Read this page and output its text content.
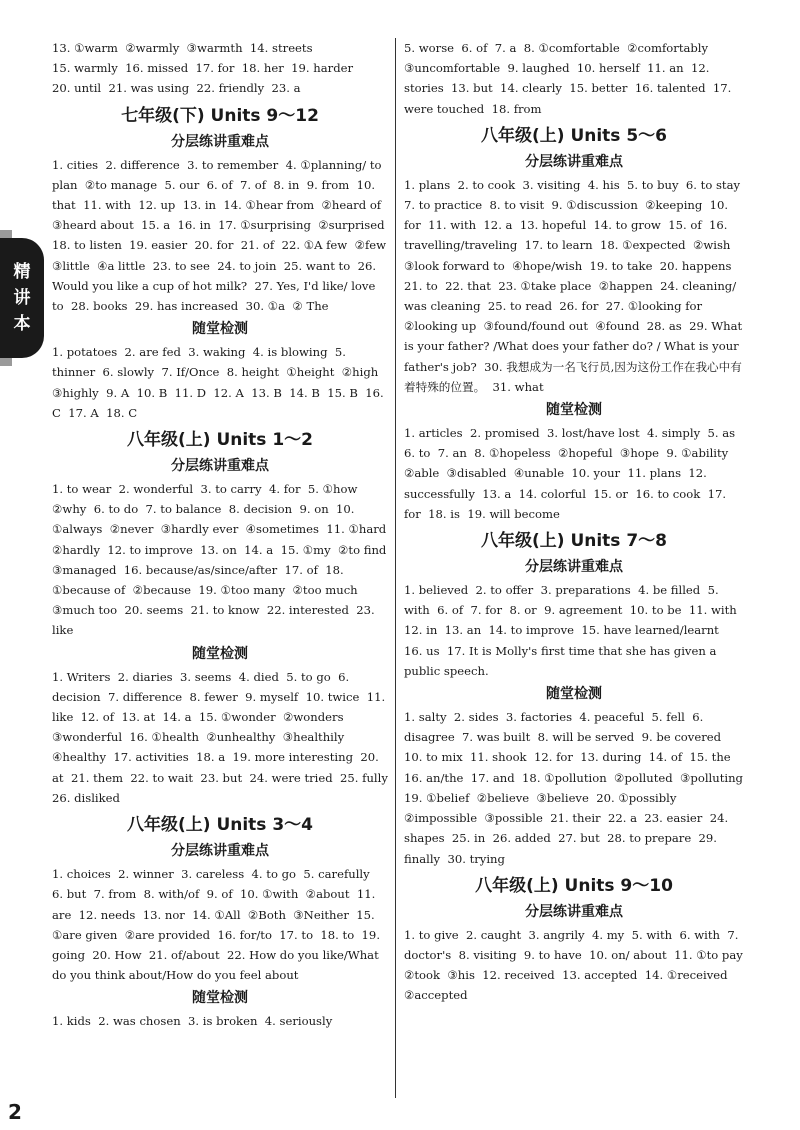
精
讲
本
13. ①warm  ②warmly  ③warmth  14. streets
15. warmly  16. missed  17. for  18. her  19. harder
20. until  21. was using  22. friendly  23. a
七年级(下) Units 9～12
分层练讲重难点
1. cities  2. difference  3. to remember  4. ①planning/ to plan  ②to manage  5. our  6. of  7. of  8. in  9. from  10. that  11. with  12. up  13. in  14. ①hear from  ②heard of  ③heard about  15. a  16. in  17. ①surprising  ②surprised  18. to listen  19. easier  20. for  21. of  22. ①A few  ②few  ③little  ④a little  23. to see  24. to join  25. want to  26. Would you like a cup of hot milk?  27. Yes, I'd like/ love to  28. books  29. has increased  30. ①a  ② The
随堂检测
1. potatoes  2. are fed  3. waking  4. is blowing  5. thinner  6. slowly  7. If/Once  8. height  ①height  ②high  ③highly  9. A  10. B  11. D  12. A  13. B  14. B  15. B  16. C  17. A  18. C
八年级(上) Units 1～2
分层练讲重难点
1. to wear  2. wonderful  3. to carry  4. for  5. ①how  ②why  6. to do  7. to balance  8. decision  9. on  10. ①always  ②never  ③hardly ever  ④sometimes  11. ①hard  ②hardly  12. to improve  13. on  14. a  15. ①my  ②to find  ③managed  16. because/as/since/after  17. of  18. ①because of  ②because  19. ①too many  ②too much  ③much too  20. seems  21. to know  22. interested  23. like
随堂检测
1. Writers  2. diaries  3. seems  4. died  5. to go  6. decision  7. difference  8. fewer  9. myself  10. twice  11. like  12. of  13. at  14. a  15. ①wonder  ②wonders  ③wonderful  16. ①health  ②unhealthy  ③healthily  ④healthy  17. activities  18. a  19. more interesting  20. at  21. them  22. to wait  23. but  24. were tried  25. fully  26. disliked
八年级(上) Units 3～4
分层练讲重难点
1. choices  2. winner  3. careless  4. to go  5. carefully  6. but  7. from  8. with/of  9. of  10. ①with  ②about  11. are  12. needs  13. nor  14. ①All  ②Both  ③Neither  15. ①are given  ②are provided  16. for/to  17. to  18. to  19. going  20. How  21. of/about  22. How do you like/What do you think about/How do you feel about
随堂检测
1. kids  2. was chosen  3. is broken  4. seriously
5. worse  6. of  7. a  8. ①comfortable  ②comfortably  ③uncomfortable  9. laughed  10. herself  11. an  12. stories  13. but  14. clearly  15. better  16. talented  17. were touched  18. from
八年级(上) Units 5～6
分层练讲重难点
1. plans  2. to cook  3. visiting  4. his  5. to buy  6. to stay  7. to practice  8. to visit  9. ①discussion  ②keeping  10. for  11. with  12. a  13. hopeful  14. to grow  15. of  16. travelling/traveling  17. to learn  18. ①expected  ②wish  ③look forward to  ④hope/wish  19. to take  20. happens  21. to  22. that  23. ①take place  ②happen  24. cleaning/ was cleaning  25. to read  26. for  27. ①looking for  ②looking up  ③found/found out  ④found  28. as  29. What is your father? /What does your father do? / What is your father's job?  30. 我想成为一名飞行员,因为这份工作在我心中有着特殊的位置。  31. what
随堂检测
1. articles  2. promised  3. lost/have lost  4. simply  5. as  6. to  7. an  8. ①hopeless  ②hopeful  ③hope  9. ①ability  ②able  ③disabled  ④unable  10. your  11. plans  12. successfully  13. a  14. colorful  15. or  16. to cook  17. for  18. is  19. will become
八年级(上) Units 7～8
分层练讲重难点
1. believed  2. to offer  3. preparations  4. be filled  5. with  6. of  7. for  8. or  9. agreement  10. to be  11. with  12. in  13. an  14. to improve  15. have learned/learnt  16. us  17. It is Molly's first time that she has given a public speech.
随堂检测
1. salty  2. sides  3. factories  4. peaceful  5. fell  6. disagree  7. was built  8. will be served  9. be covered  10. to mix  11. shook  12. for  13. during  14. of  15. the  16. an/the  17. and  18. ①pollution  ②polluted  ③polluting  19. ①belief  ②believe  ③believe  20. ①possibly  ②impossible  ③possible  21. their  22. a  23. easier  24. shapes  25. in  26. added  27. but  28. to prepare  29. finally  30. trying
八年级(上) Units 9～10
分层练讲重难点
1. to give  2. caught  3. angrily  4. my  5. with  6. with  7. doctor's  8. visiting  9. to have  10. on/ about  11. ①to pay  ②took  ③his  12. received  13. accepted  14. ①received  ②accepted
2
